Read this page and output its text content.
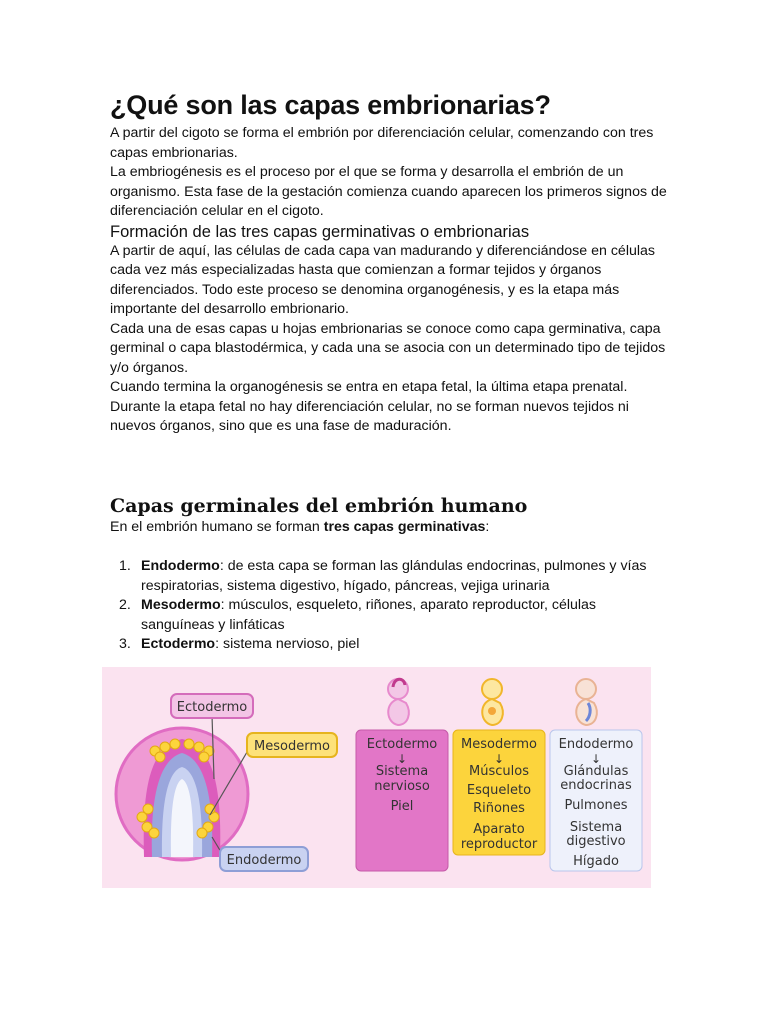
¿Qué son las capas embrionarias?

A partir del cigoto se forma el embrión por diferenciación celular, comenzando con tres capas embrionarias.

La embriogénesis es el proceso por el que se forma y desarrolla el embrión de un organismo. Esta fase de la gestación comienza cuando aparecen los primeros signos de diferenciación celular en el cigoto.

Formación de las tres capas germinativas o embrionarias

A partir de aquí, las células de cada capa van madurando y diferenciándose en células cada vez más especializadas hasta que comienzan a formar tejidos y órganos diferenciados. Todo este proceso se denomina organogénesis, y es la etapa más importante del desarrollo embrionario.

Cada una de esas capas u hojas embrionarias se conoce como capa germinativa, capa germinal o capa blastodérmica, y cada una se asocia con un determinado tipo de tejidos y/o órganos.

Cuando termina la organogénesis se entra en etapa fetal, la última etapa prenatal. Durante la etapa fetal no hay diferenciación celular, no se forman nuevos tejidos ni nuevos órganos, sino que es una fase de maduración.

Capas germinales del embrión humano
En el embrión humano se forman tres capas germinativas:
1. Endodermo: de esta capa se forman las glándulas endocrinas, pulmones y vías respiratorias, sistema digestivo, hígado, páncreas, vejiga urinaria
2. Mesodermo: músculos, esqueleto, riñones, aparato reproductor, células sanguíneas y linfáticas
3. Ectodermo: sistema nervioso, piel
Ectodermo
Mesodermo
Endodermo
Ectodermo
↓
Sistema
nervioso
Piel
Mesodermo
↓
Músculos
Esqueleto
Riñones
Aparato
reproductor
Endodermo
↓
Glándulas
endocrinas
Pulmones
Sistema
digestivo
Hígado
